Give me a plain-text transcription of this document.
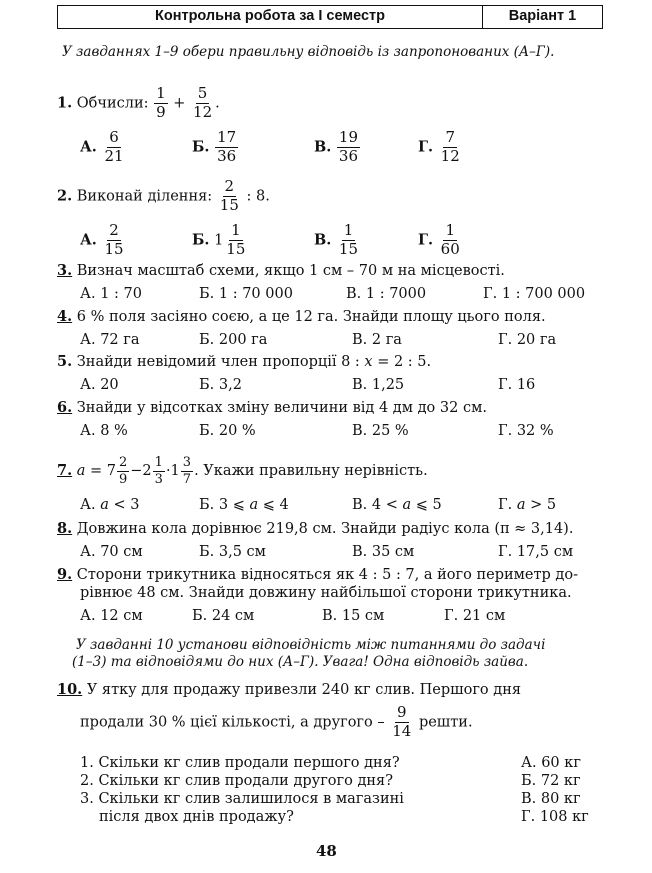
Контрольна робота за I семестр	Варіант 1
У завданнях 1–9 обери правильну відповідь із запропонованих (А–Г).
1. Обчисли: $\frac{1}{9} + \frac{5}{12}$ .
А. $\frac{6}{21}$	Б. $\frac{17}{36}$	В. $\frac{19}{36}$	Г. $\frac{7}{12}$
2. Виконай ділення: $\frac{2}{15}$ : 8.
А. $\frac{2}{15}$	Б. $1 \frac{1}{15}$	В. $\frac{1}{15}$	Г. $\frac{1}{60}$
3. Визнач масштаб схеми, якщо 1 см – 70 м на місцевості.
А. 1 : 70	Б. 1 : 70 000	В. 1 : 7000	Г. 1 : 700 000
4. 6 % поля засіяно соєю, а це 12 га. Знайди площу цього поля.
А. 72 га	Б. 200 га	В. 2 га	Г. 20 га
5. Знайди невідомий член пропорції 8 : x = 2 : 5.
А. 20	Б. 3,2	В. 1,25	Г. 16
6. Знайди у відсотках зміну величини від 4 дм до 32 см.
А. 8 %	Б. 20 %	В. 25 %	Г. 32 %
7. $a = 7 \frac{2}{9} -2 \frac{1}{3} \cdot 1 \frac{3}{7}$ . Укажи правильну нерівність.
А. a < 3	Б. 3 ⩽ a ⩽ 4	В. 4 < a ⩽ 5	Г. a > 5
8. Довжина кола дорівнює 219,8 см. Знайди радіус кола (π ≈ 3,14).
А. 70 см	Б. 3,5 см	В. 35 см	Г. 17,5 см
9. Сторони трикутника відносяться як 4 : 5 : 7, а його периметр до-
рівнює 48 см. Знайди довжину найбільшої сторони трикутника.
А. 12 см	Б. 24 см	В. 15 см	Г. 21 см
У завданні 10 установи відповідність між питаннями до задачі
(1–3) та відповідями до них (А–Г). Увага! Одна відповідь зайва.
10. У ятку для продажу привезли 240 кг слив. Першого дня
продали 30 % цієї кількості, а другого – $\frac{9}{14}$ решти.
1. Скільки кг слив продали першого дня?
2. Скільки кг слив продали другого дня?
3. Скільки кг слив залишилося в магазині
після двох днів продажу?
А. 60 кг
Б. 72 кг
В. 80 кг
Г. 108 кг
48
